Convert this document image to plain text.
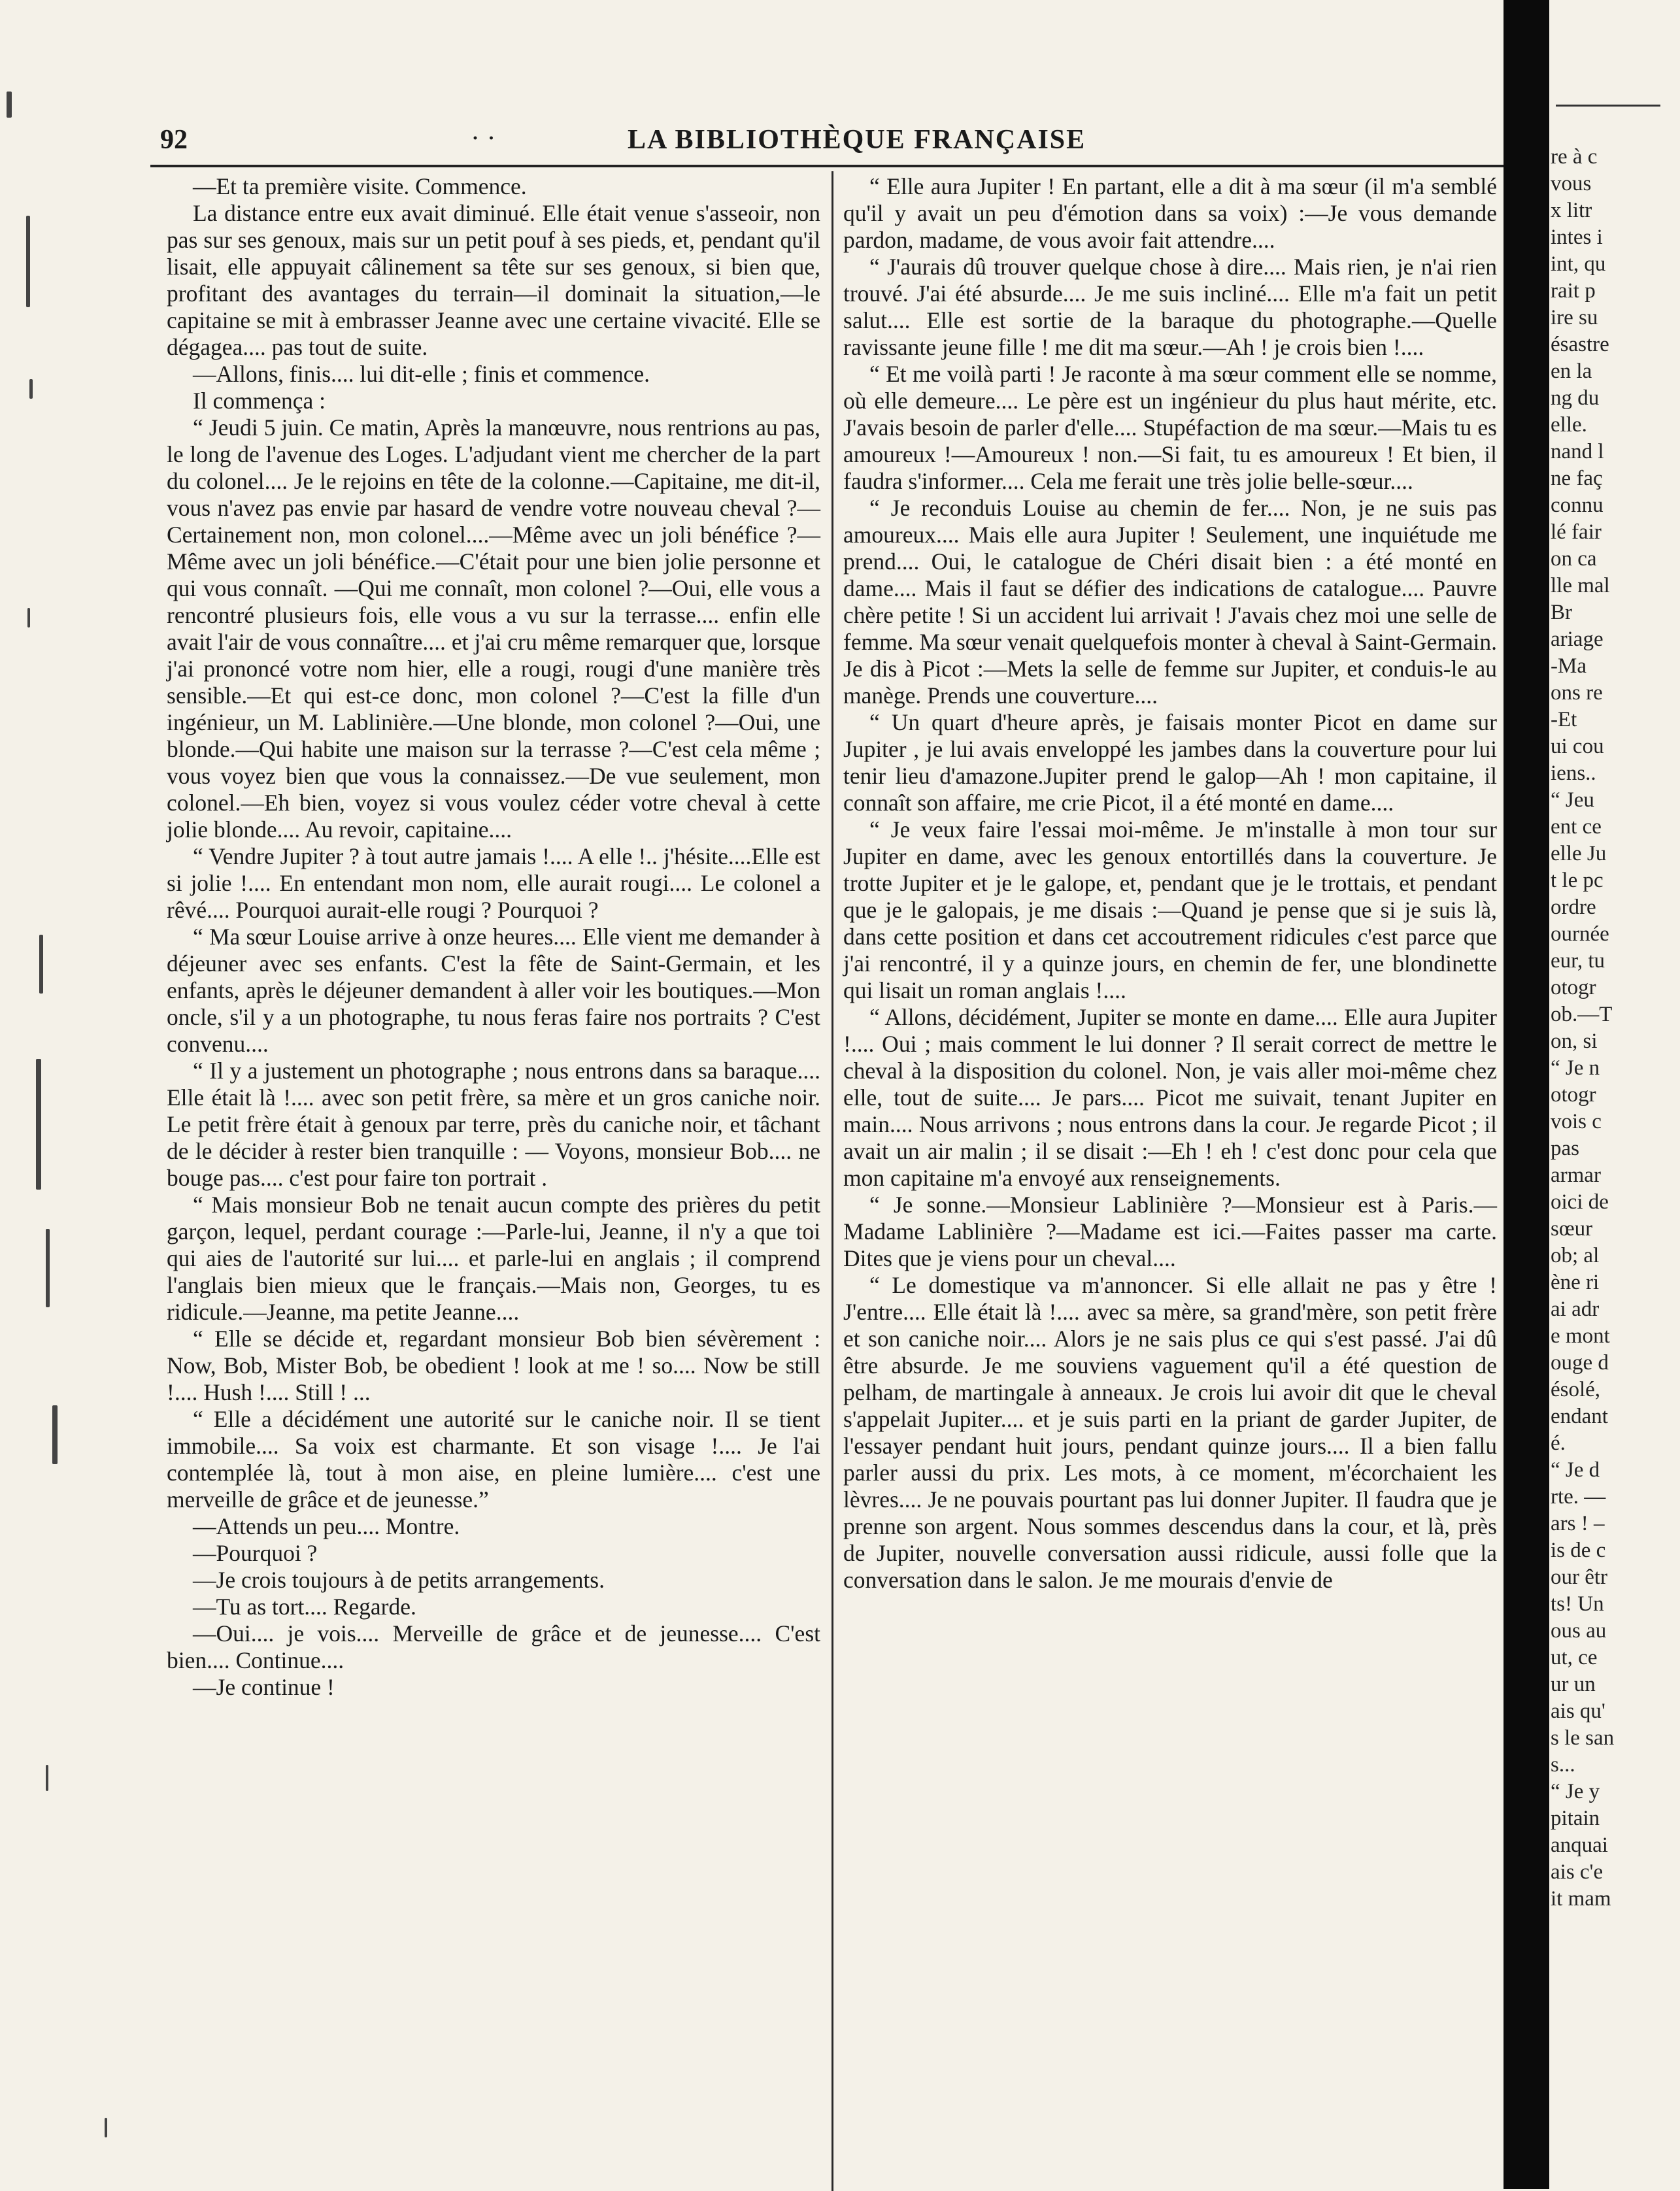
92	· ·	LA BIBLIOTHÈQUE FRANÇAISE

—Et ta première visite. Commence.

La distance entre eux avait diminué. Elle était venue s'asseoir, non pas sur ses genoux, mais sur un petit pouf à ses pieds, et, pendant qu'il lisait, elle appuyait câlinement sa tête sur ses genoux, si bien que, profitant des avantages du terrain—il dominait la situation,—le capitaine se mit à embrasser Jeanne avec une certaine vivacité. Elle se dégagea.... pas tout de suite.

—Allons, finis.... lui dit-elle ; finis et commence.

Il commença :

“ Jeudi 5 juin. Ce matin, Après la manœuvre, nous rentrions au pas, le long de l'avenue des Loges. L'adjudant vient me chercher de la part du colonel.... Je le rejoins en tête de la colonne.—Capitaine, me dit-il, vous n'avez pas envie par hasard de vendre votre nouveau cheval ?—Certainement non, mon colonel....—Même avec un joli bénéfice ?—Même avec un joli bénéfice.—C'était pour une bien jolie personne et qui vous connaît. —Qui me connaît, mon colonel ?—Oui, elle vous a rencontré plusieurs fois, elle vous a vu sur la terrasse.... enfin elle avait l'air de vous connaître.... et j'ai cru même remarquer que, lorsque j'ai prononcé votre nom hier, elle a rougi, rougi d'une manière très sensible.—Et qui est-ce donc, mon colonel ?—C'est la fille d'un ingénieur, un M. Lablinière.—Une blonde, mon colonel ?—Oui, une blonde.—Qui habite une maison sur la terrasse ?—C'est cela même ; vous voyez bien que vous la connaissez.—De vue seulement, mon colonel.—Eh bien, voyez si vous voulez céder votre cheval à cette jolie blonde.... Au revoir, capitaine....

“ Vendre Jupiter ? à tout autre jamais !.... A elle !.. j'hésite....Elle est si jolie !.... En entendant mon nom, elle aurait rougi.... Le colonel a rêvé.... Pourquoi aurait-elle rougi ? Pourquoi ?

“ Ma sœur Louise arrive à onze heures.... Elle vient me demander à déjeuner avec ses enfants. C'est la fête de Saint-Germain, et les enfants, après le déjeuner demandent à aller voir les boutiques.—Mon oncle, s'il y a un photographe, tu nous feras faire nos portraits ? C'est convenu....

“ Il y a justement un photographe ; nous entrons dans sa baraque.... Elle était là !.... avec son petit frère, sa mère et un gros caniche noir. Le petit frère était à genoux par terre, près du caniche noir, et tâchant de le décider à rester bien tranquille : — Voyons, monsieur Bob.... ne bouge pas.... c'est pour faire ton portrait .

“ Mais monsieur Bob ne tenait aucun compte des prières du petit garçon, lequel, perdant courage :—Parle-lui, Jeanne, il n'y a que toi qui aies de l'autorité sur lui.... et parle-lui en anglais ; il comprend l'anglais bien mieux que le français.—Mais non, Georges, tu es ridicule.—Jeanne, ma petite Jeanne....

“ Elle se décide et, regardant monsieur Bob bien sévèrement : Now, Bob, Mister Bob, be obedient ! look at me ! so.... Now be still !.... Hush !.... Still ! ...

“ Elle a décidément une autorité sur le caniche noir. Il se tient immobile.... Sa voix est charmante. Et son visage !.... Je l'ai contemplée là, tout à mon aise, en pleine lumière.... c'est une merveille de grâce et de jeunesse.”

—Attends un peu.... Montre.

—Pourquoi ?

—Je crois toujours à de petits arrangements.

—Tu as tort.... Regarde.

—Oui.... je vois.... Merveille de grâce et de jeunesse.... C'est bien.... Continue....

—Je continue !

“ Elle aura Jupiter ! En partant, elle a dit à ma sœur (il m'a semblé qu'il y avait un peu d'émotion dans sa voix) :—Je vous demande pardon, madame, de vous avoir fait attendre....

“ J'aurais dû trouver quelque chose à dire.... Mais rien, je n'ai rien trouvé. J'ai été absurde.... Je me suis incliné.... Elle m'a fait un petit salut.... Elle est sortie de la baraque du photographe.—Quelle ravissante jeune fille ! me dit ma sœur.—Ah ! je crois bien !....

“ Et me voilà parti ! Je raconte à ma sœur comment elle se nomme, où elle demeure.... Le père est un ingénieur du plus haut mérite, etc. J'avais besoin de parler d'elle.... Stupéfaction de ma sœur.—Mais tu es amoureux !—Amoureux ! non.—Si fait, tu es amoureux ! Et bien, il faudra s'informer.... Cela me ferait une très jolie belle-sœur....

“ Je reconduis Louise au chemin de fer.... Non, je ne suis pas amoureux.... Mais elle aura Jupiter ! Seulement, une inquiétude me prend.... Oui, le catalogue de Chéri disait bien : a été monté en dame.... Mais il faut se défier des indications de catalogue.... Pauvre chère petite ! Si un accident lui arrivait ! J'avais chez moi une selle de femme. Ma sœur venait quelquefois monter à cheval à Saint-Germain. Je dis à Picot :—Mets la selle de femme sur Jupiter, et conduis-le au manège. Prends une couverture....

“ Un quart d'heure après, je faisais monter Picot en dame sur Jupiter , je lui avais enveloppé les jambes dans la couverture pour lui tenir lieu d'amazone.Jupiter prend le galop—Ah ! mon capitaine, il connaît son affaire, me crie Picot, il a été monté en dame....

“ Je veux faire l'essai moi-même. Je m'installe à mon tour sur Jupiter en dame, avec les genoux entortillés dans la couverture. Je trotte Jupiter et je le galope, et, pendant que je le trottais, et pendant que je le galopais, je me disais :—Quand je pense que si je suis là, dans cette position et dans cet accoutrement ridicules c'est parce que j'ai rencontré, il y a quinze jours, en chemin de fer, une blondinette qui lisait un roman anglais !....

“ Allons, décidément, Jupiter se monte en dame.... Elle aura Jupiter !.... Oui ; mais comment le lui donner ? Il serait correct de mettre le cheval à la disposition du colonel. Non, je vais aller moi-même chez elle, tout de suite.... Je pars.... Picot me suivait, tenant Jupiter en main.... Nous arrivons ; nous entrons dans la cour. Je regarde Picot ; il avait un air malin ; il se disait :—Eh ! eh ! c'est donc pour cela que mon capitaine m'a envoyé aux renseignements.

“ Je sonne.—Monsieur Lablinière ?—Monsieur est à Paris.—Madame Lablinière ?—Madame est ici.—Faites passer ma carte. Dites que je viens pour un cheval....

“ Le domestique va m'annoncer. Si elle allait ne pas y être ! J'entre.... Elle était là !.... avec sa mère, sa grand'mère, son petit frère et son caniche noir.... Alors je ne sais plus ce qui s'est passé. J'ai dû être absurde. Je me souviens vaguement qu'il a été question de pelham, de martingale à anneaux. Je crois lui avoir dit que le cheval s'appelait Jupiter.... et je suis parti en la priant de garder Jupiter, de l'essayer pendant huit jours, pendant quinze jours.... Il a bien fallu parler aussi du prix. Les mots, à ce moment, m'écorchaient les lèvres.... Je ne pouvais pourtant pas lui donner Jupiter. Il faudra que je prenne son argent. Nous sommes descendus dans la cour, et là, près de Jupiter, nouvelle conversation aussi ridicule, aussi folle que la conversation dans le salon. Je me mourais d'envie de

re à c
vous
x litr
intes i
int, qu
rait p
ire su
ésastre
en la
ng du
elle.
nand l
ne faç
connu
lé fair
on ca
lle mal
Br
ariage
-Ma
ons re
-Et
ui cou
iens..
“ Jeu
ent ce
elle Ju
t le pc
ordre
ournée
eur, tu
otogr
ob.—T
on, si
“ Je n
otogr
vois c
pas
armar
oici de
sœur
ob; al
ène ri
ai adr
e mont
ouge d
ésolé,
endant
é.
“ Je d
rte. —
ars ! –
is de c
our êtr
ts! Un
ous au
ut, ce
ur un
ais qu'
s le san
s...
“ Je y
pitain
anquai
ais c'e
it mam
